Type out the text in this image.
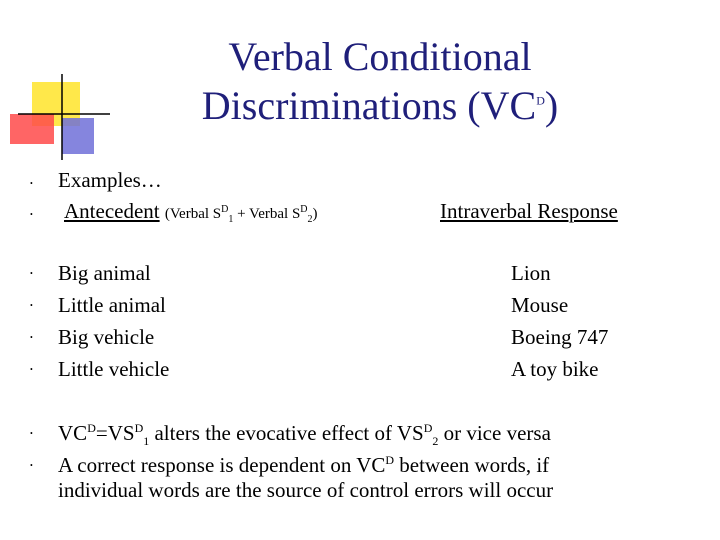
Verbal Conditional
Discriminations $(VC^D)$
•
•
•
•
•
•
•
•
Examples…
Antecedent (Verbal $S^D_1$ + Verbal $S^D_2$)	Intraverbal Response
Big animal	Lion
Little animal	Mouse
Big vehicle	Boeing 747
Little vehicle	A toy bike
$VC^D=VS^D_1$ alters the evocative effect of $VS^D_2$ or vice versa
A correct response is dependent on $VC^D$ between words, if
individual words are the source of control errors will occur
